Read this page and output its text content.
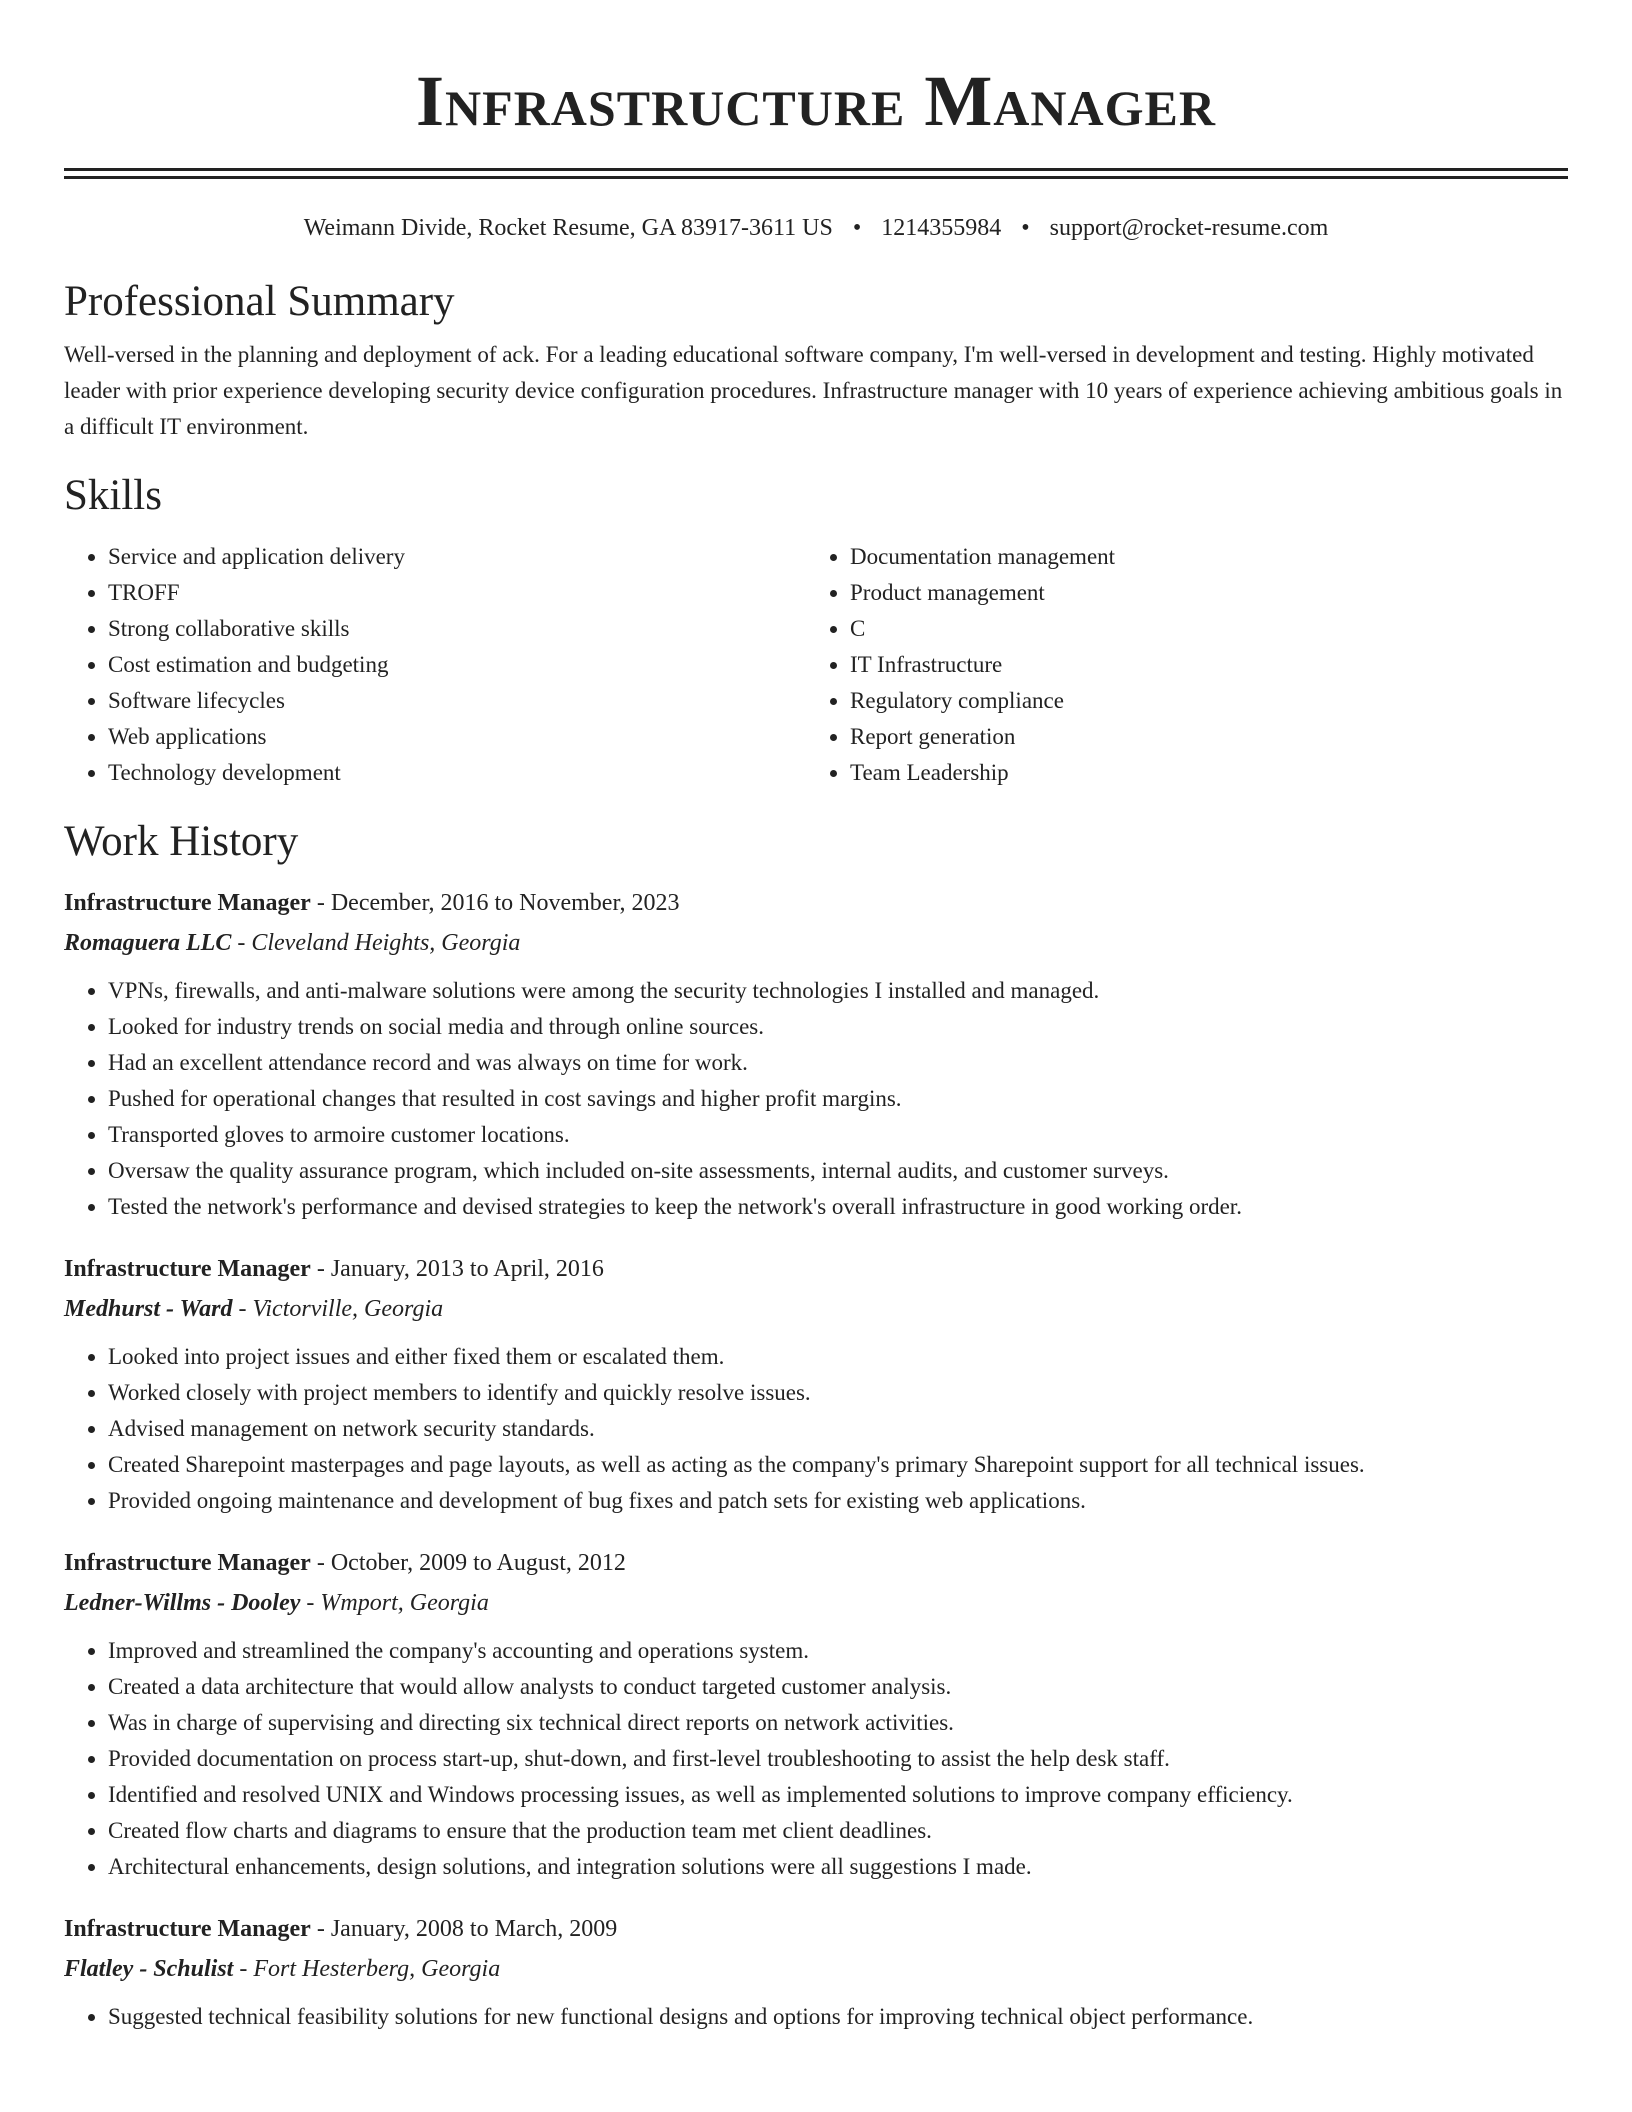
Infrastructure Manager
Weimann Divide, Rocket Resume, GA 83917-3611 US • 1214355984 • support@rocket-resume.com
Professional Summary

Well-versed in the planning and deployment of ack. For a leading educational software company, I'm well-versed in development and testing. Highly motivated leader with prior experience developing security device configuration procedures. Infrastructure manager with 10 years of experience achieving ambitious goals in a difficult IT environment.

Skills
• Service and application delivery
• TROFF
• Strong collaborative skills
• Cost estimation and budgeting
• Software lifecycles
• Web applications
• Technology development
• Documentation management
• Product management
• C
• IT Infrastructure
• Regulatory compliance
• Report generation
• Team Leadership
Work History
Infrastructure Manager - December, 2016 to November, 2023
Romaguera LLC - Cleveland Heights, Georgia
• VPNs, firewalls, and anti-malware solutions were among the security technologies I installed and managed.
• Looked for industry trends on social media and through online sources.
• Had an excellent attendance record and was always on time for work.
• Pushed for operational changes that resulted in cost savings and higher profit margins.
• Transported gloves to armoire customer locations.
• Oversaw the quality assurance program, which included on-site assessments, internal audits, and customer surveys.
• Tested the network's performance and devised strategies to keep the network's overall infrastructure in good working order.
Infrastructure Manager - January, 2013 to April, 2016
Medhurst - Ward - Victorville, Georgia
• Looked into project issues and either fixed them or escalated them.
• Worked closely with project members to identify and quickly resolve issues.
• Advised management on network security standards.
• Created Sharepoint masterpages and page layouts, as well as acting as the company's primary Sharepoint support for all technical issues.
• Provided ongoing maintenance and development of bug fixes and patch sets for existing web applications.
Infrastructure Manager - October, 2009 to August, 2012
Ledner-Willms - Dooley - Wmport, Georgia
• Improved and streamlined the company's accounting and operations system.
• Created a data architecture that would allow analysts to conduct targeted customer analysis.
• Was in charge of supervising and directing six technical direct reports on network activities.
• Provided documentation on process start-up, shut-down, and first-level troubleshooting to assist the help desk staff.
• Identified and resolved UNIX and Windows processing issues, as well as implemented solutions to improve company efficiency.
• Created flow charts and diagrams to ensure that the production team met client deadlines.
• Architectural enhancements, design solutions, and integration solutions were all suggestions I made.
Infrastructure Manager - January, 2008 to March, 2009
Flatley - Schulist - Fort Hesterberg, Georgia
• Suggested technical feasibility solutions for new functional designs and options for improving technical object performance.
